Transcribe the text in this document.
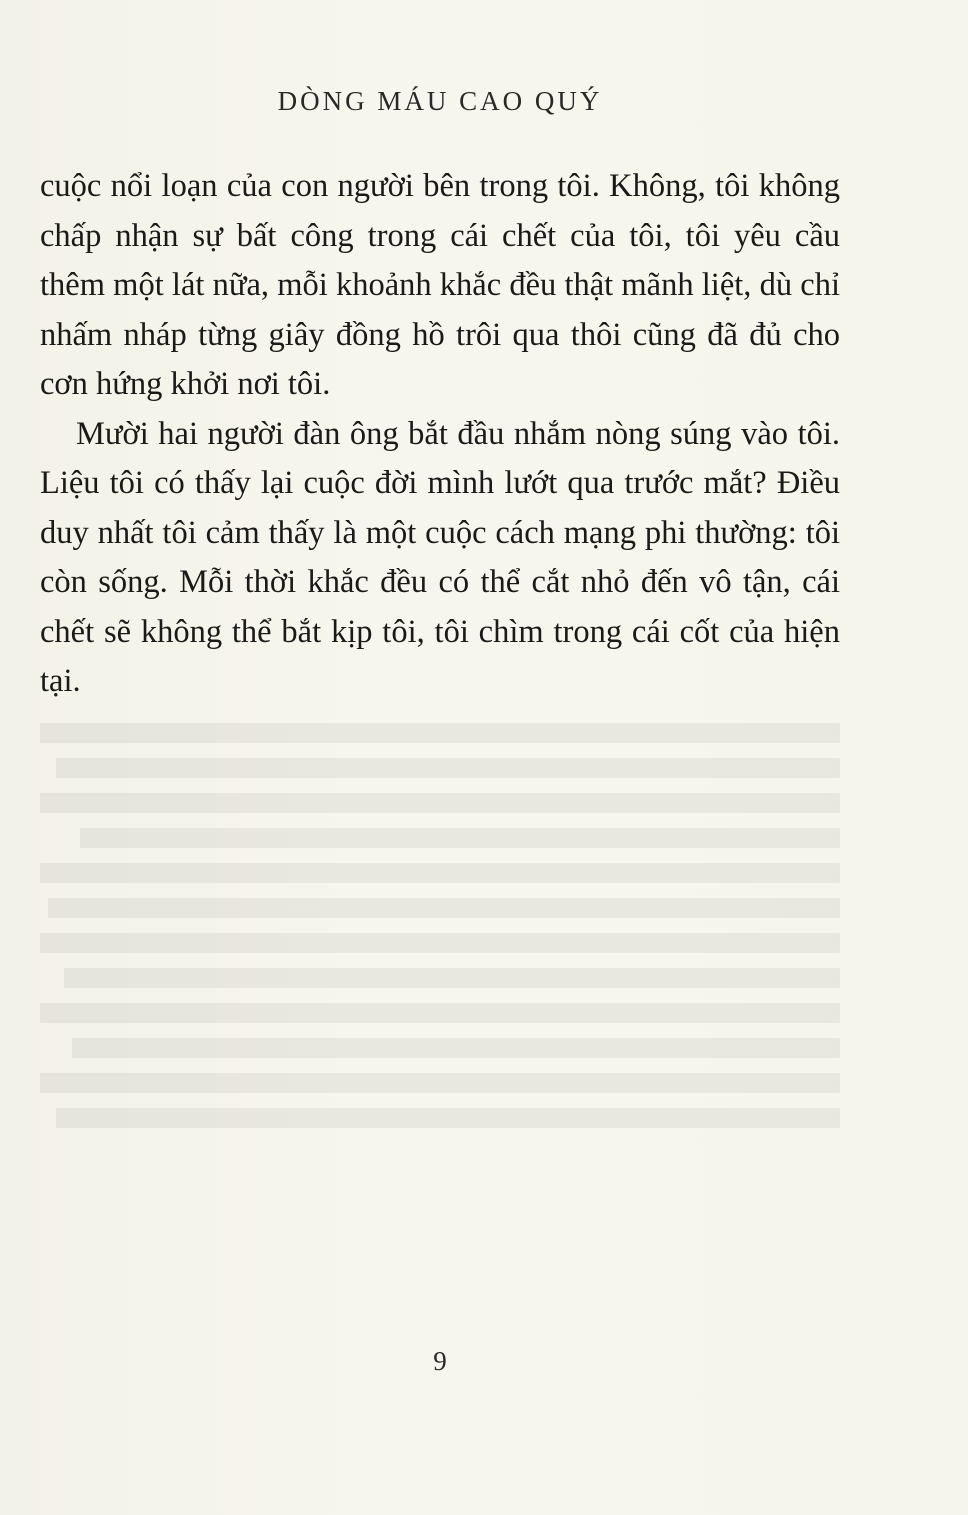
DÒNG MÁU CAO QUÝ

cuộc nổi loạn của con người bên trong tôi. Không, tôi không chấp nhận sự bất công trong cái chết của tôi, tôi yêu cầu thêm một lát nữa, mỗi khoảnh khắc đều thật mãnh liệt, dù chỉ nhấm nháp từng giây đồng hồ trôi qua thôi cũng đã đủ cho cơn hứng khởi nơi tôi.

Mười hai người đàn ông bắt đầu nhắm nòng súng vào tôi. Liệu tôi có thấy lại cuộc đời mình lướt qua trước mắt? Điều duy nhất tôi cảm thấy là một cuộc cách mạng phi thường: tôi còn sống. Mỗi thời khắc đều có thể cắt nhỏ đến vô tận, cái chết sẽ không thể bắt kịp tôi, tôi chìm trong cái cốt của hiện tại.

9
